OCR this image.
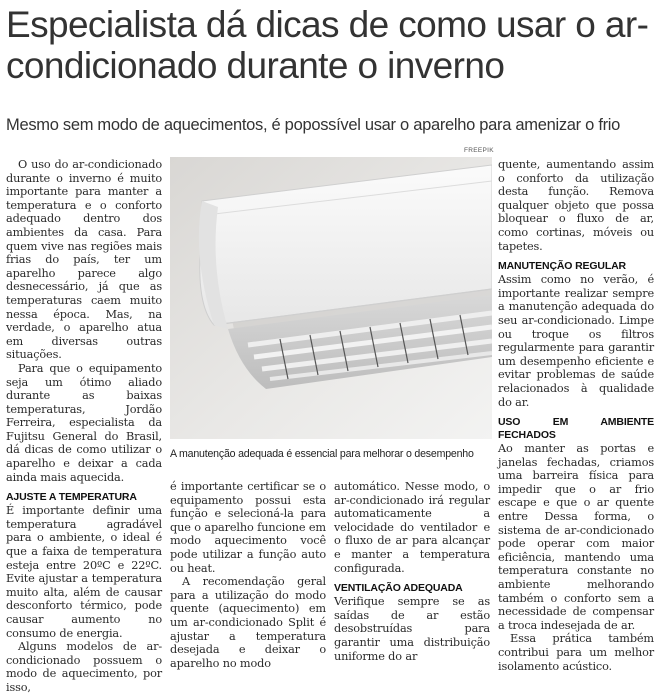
Especialista dá dicas de como usar o ar-condicionado durante o inverno

Mesmo sem modo de aquecimentos, é popossível usar o aparelho para amenizar o frio

O uso do ar-condicionado durante o inverno é muito importante para manter a temperatura e o conforto adequado dentro dos ambientes da casa. Para quem vive nas regiões mais frias do país, ter um aparelho parece algo desnecessário, já que as temperaturas caem muito nessa época. Mas, na verdade, o aparelho atua em diversas outras situações.

Para que o equipamento seja um ótimo aliado durante as baixas temperaturas, Jordão Ferreira, especialista da Fujitsu General do Brasil, dá dicas de como utilizar o aparelho e deixar a cada ainda mais aquecida.

AJUSTE A TEMPERATURA

É importante definir uma temperatura agradável para o ambiente, o ideal é que a faixa de temperatura esteja entre 20ºC e 22ºC. Evite ajustar a temperatura muito alta, além de causar desconforto térmico, pode causar aumento no consumo de energia.

Alguns modelos de ar-condicionado possuem o modo de aquecimento, por isso,

FREEPIK

A manutenção adequada é essencial para melhorar o desempenho

é importante certificar se o equipamento possui esta função e selecioná-la para que o aparelho funcione em modo aquecimento você pode utilizar a função auto ou heat.

A recomendação geral para a utilização do modo quente (aquecimento) em um ar-condicionado Split é ajustar a temperatura desejada e deixar o aparelho no modo

automático. Nesse modo, o ar-condicionado irá regular automaticamente a velocidade do ventilador e o fluxo de ar para alcançar e manter a temperatura configurada.

VENTILAÇÃO ADEQUADA

Verifique sempre se as saídas de ar estão desobstruídas para garantir uma distribuição uniforme do ar

quente, aumentando assim o conforto da utilização desta função. Remova qualquer objeto que possa bloquear o fluxo de ar, como cortinas, móveis ou tapetes.

MANUTENÇÃO REGULAR

Assim como no verão, é importante realizar sempre a manutenção adequada do seu ar-condicionado. Limpe ou troque os filtros regularmente para garantir um desempenho eficiente e evitar problemas de saúde relacionados à qualidade do ar.

USO EM AMBIENTE FECHADOS

Ao manter as portas e janelas fechadas, criamos uma barreira física para impedir que o ar frio escape e que o ar quente entre Dessa forma, o sistema de ar-condicionado pode operar com maior eficiência, mantendo uma temperatura constante no ambiente melhorando também o conforto sem a necessidade de compensar a troca indesejada de ar.

Essa prática também contribui para um melhor isolamento acústico.
